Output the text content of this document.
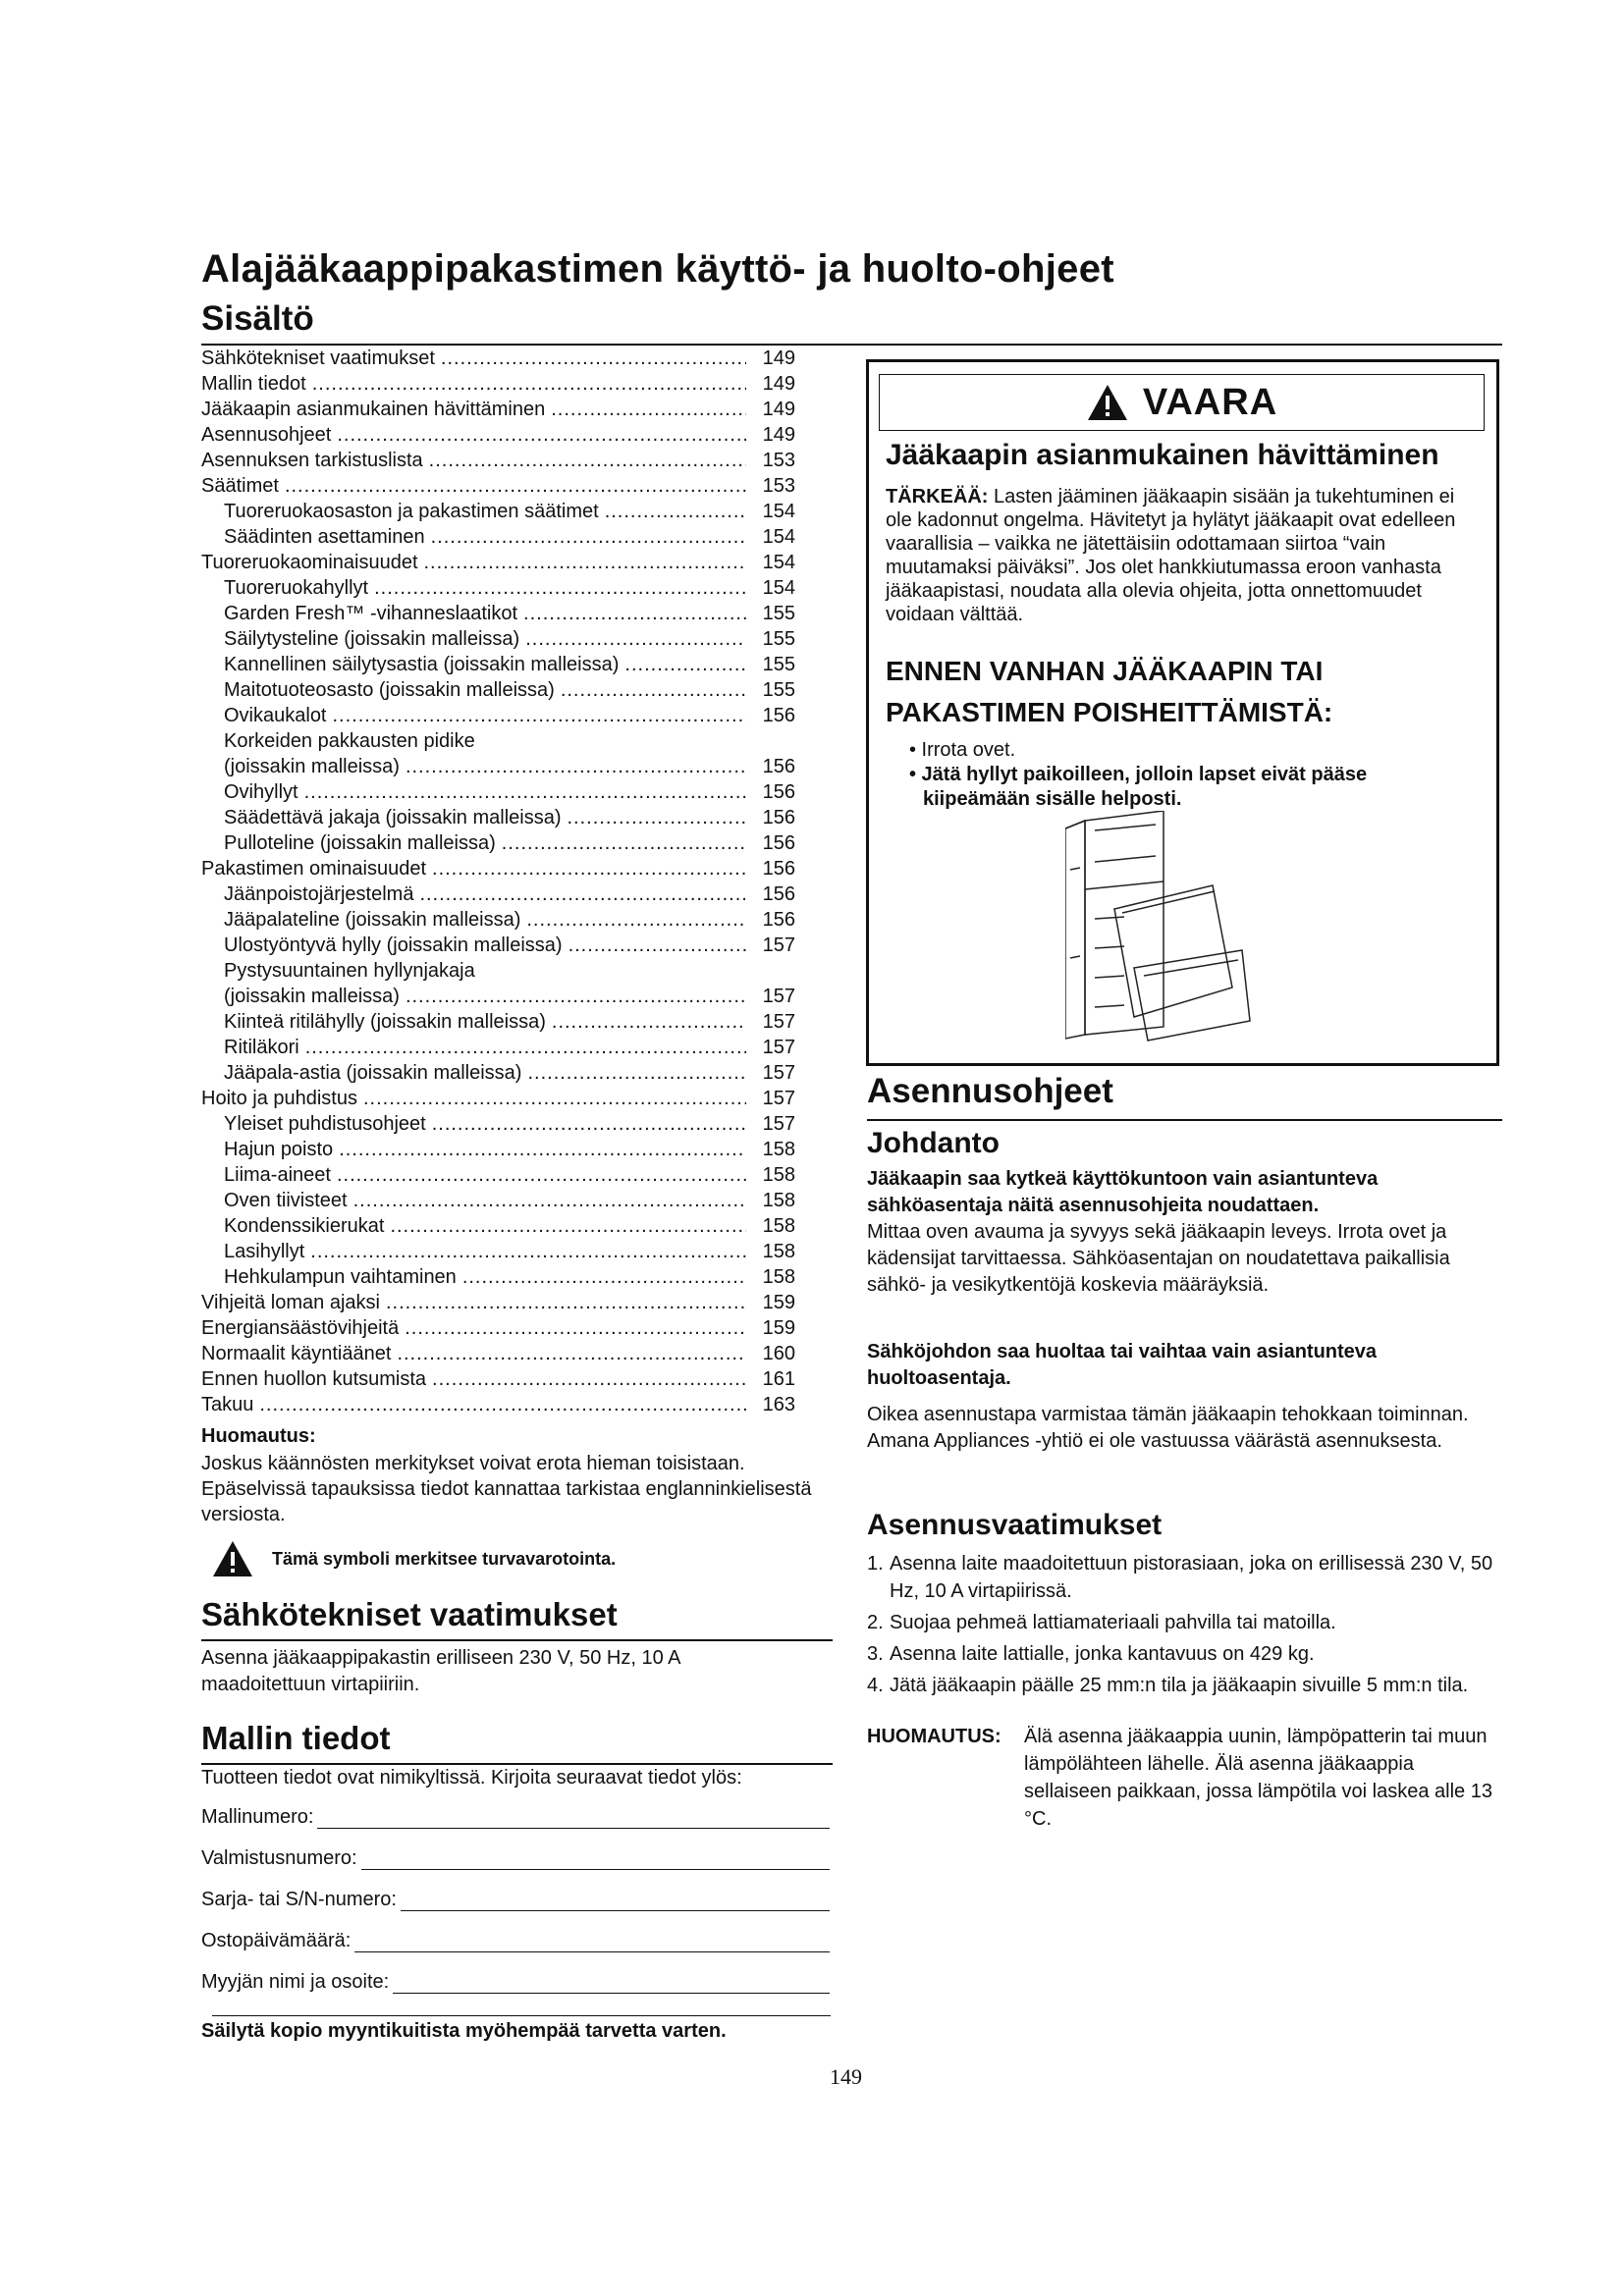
Alajääkaappipakastimen käyttö- ja huolto-ohjeet
Sisältö
Sähkötekniset vaatimukset .....	149
Mallin tiedot .....	149
Jääkaapin asianmukainen hävittäminen .....	149
Asennusohjeet .....	149
Asennuksen tarkistuslista .....	153
Säätimet .....	153
Tuoreruokaosaston ja pakastimen säätimet .....	154
Säädinten asettaminen .....	154
Tuoreruokaominaisuudet .....	154
Tuoreruokahyllyt .....	154
Garden Fresh™ -vihanneslaatikot .....	155
Säilytysteline (joissakin malleissa) .....	155
Kannellinen säilytysastia (joissakin malleissa) .....	155
Maitotuoteosasto (joissakin malleissa) .....	155
Ovikaukalot .....	156
Korkeiden pakkausten pidike
(joissakin malleissa) .....	156
Ovihyllyt .....	156
Säädettävä jakaja (joissakin malleissa) .....	156
Pulloteline (joissakin malleissa) .....	156
Pakastimen ominaisuudet .....	156
Jäänpoistojärjestelmä .....	156
Jääpalateline (joissakin malleissa) .....	156
Ulostyöntyvä hylly (joissakin malleissa) .....	157
Pystysuuntainen hyllynjakaja
(joissakin malleissa) .....	157
Kiinteä ritilähylly (joissakin malleissa) .....	157
Ritiläkori .....	157
Jääpala-astia (joissakin malleissa) .....	157
Hoito ja puhdistus .....	157
Yleiset puhdistusohjeet .....	157
Hajun poisto .....	158
Liima-aineet .....	158
Oven tiivisteet .....	158
Kondenssikierukat .....	158
Lasihyllyt .....	158
Hehkulampun vaihtaminen .....	158
Vihjeitä loman ajaksi .....	159
Energiansäästövihjeitä .....	159
Normaalit käyntiäänet .....	160
Ennen huollon kutsumista .....	161
Takuu .....	163
Huomautus:
Joskus käännösten merkitykset voivat erota hieman toisistaan. Epäselvissä tapauksissa tiedot kannattaa tarkistaa englanninkielisestä versiosta.
Tämä symboli merkitsee turvavarotointa.
Sähkötekniset vaatimukset
Asenna jääkaappipakastin erilliseen 230 V, 50 Hz, 10 A maadoitettuun virtapiiriin.
Mallin tiedot
Tuotteen tiedot ovat nimikyltissä. Kirjoita seuraavat tiedot ylös:
Mallinumero:
Valmistusnumero:
Sarja- tai S/N-numero:
Ostopäivämäärä:
Myyjän nimi ja osoite:
Säilytä kopio myyntikuitista myöhempää tarvetta varten.
149
VAARA
Jääkaapin asianmukainen hävittäminen
TÄRKEÄÄ: Lasten jääminen jääkaapin sisään ja tukehtuminen ei ole kadonnut ongelma. Hävitetyt ja hylätyt jääkaapit ovat edelleen vaarallisia – vaikka ne jätettäisiin odottamaan siirtoa “vain muutamaksi päiväksi”. Jos olet hankkiutumassa eroon vanhasta jääkaapistasi, noudata alla olevia ohjeita, jotta onnettomuudet voidaan välttää.
ENNEN VANHAN JÄÄKAAPIN TAI PAKASTIMEN POISHEITTÄMISTÄ:
• Irrota ovet.
• Jätä hyllyt paikoilleen, jolloin lapset eivät pääse kiipeämään sisälle helposti.
Asennusohjeet
Johdanto
Jääkaapin saa kytkeä käyttökuntoon vain asiantunteva sähköasentaja näitä asennusohjeita noudattaen.
Mittaa oven avauma ja syvyys sekä jääkaapin leveys. Irrota ovet ja kädensijat tarvittaessa. Sähköasentajan on noudatettava paikallisia sähkö- ja vesikytkentöjä koskevia määräyksiä.
Sähköjohdon saa huoltaa tai vaihtaa vain asiantunteva huoltoasentaja.
Oikea asennustapa varmistaa tämän jääkaapin tehokkaan toiminnan. Amana Appliances -yhtiö ei ole vastuussa väärästä asennuksesta.
Asennusvaatimukset
1. Asenna laite maadoitettuun pistorasiaan, joka on erillisessä 230 V, 50 Hz, 10 A virtapiirissä.
2. Suojaa pehmeä lattiamateriaali pahvilla tai matoilla.
3. Asenna laite lattialle, jonka kantavuus on 429 kg.
4. Jätä jääkaapin päälle 25 mm:n tila ja jääkaapin sivuille 5 mm:n tila.
HUOMAUTUS:	Älä asenna jääkaappia uunin, lämpöpatterin tai muun lämpölähteen lähelle. Älä asenna jääkaappia sellaiseen paikkaan, jossa lämpötila voi laskea alle 13 °C.
